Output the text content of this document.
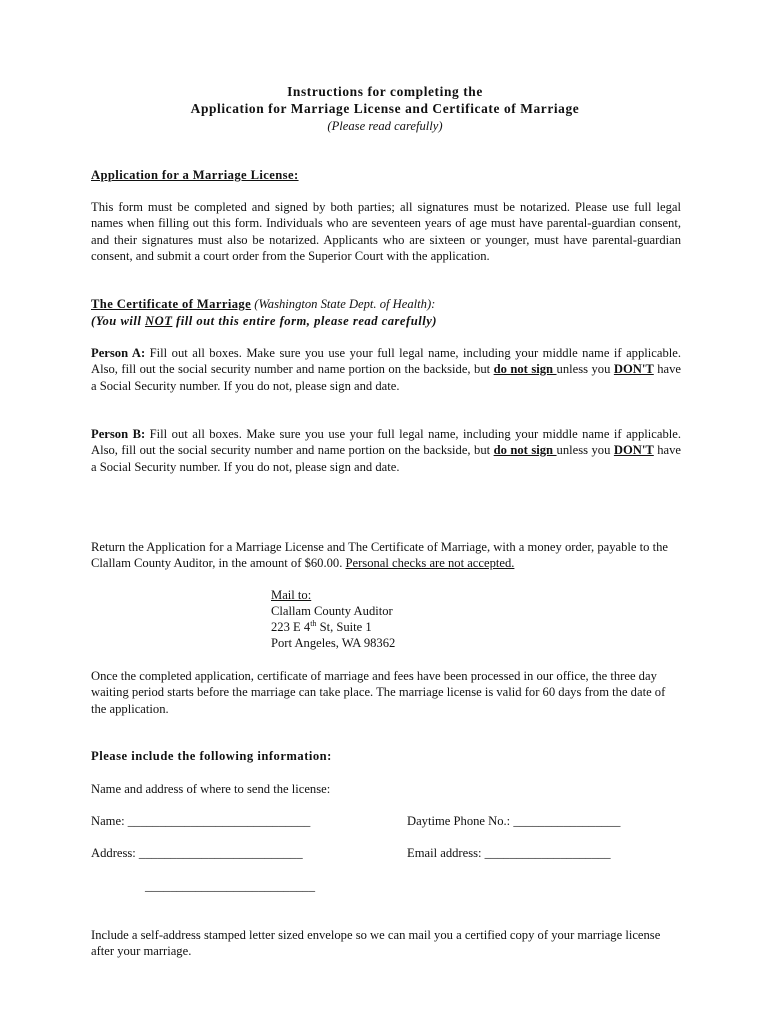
Instructions for completing the
Application for Marriage License and Certificate of Marriage
(Please read carefully)
Application for a Marriage License:
This form must be completed and signed by both parties; all signatures must be notarized. Please use full legal names when filling out this form. Individuals who are seventeen years of age must have parental-guardian consent, and their signatures must also be notarized. Applicants who are sixteen or younger, must have parental-guardian consent, and submit a court order from the Superior Court with the application.
The Certificate of Marriage (Washington State Dept. of Health):
(You will NOT fill out this entire form, please read carefully)
Person A: Fill out all boxes. Make sure you use your full legal name, including your middle name if applicable. Also, fill out the social security number and name portion on the backside, but do not sign unless you DON'T have a Social Security number. If you do not, please sign and date.
Person B: Fill out all boxes. Make sure you use your full legal name, including your middle name if applicable. Also, fill out the social security number and name portion on the backside, but do not sign unless you DON'T have a Social Security number. If you do not, please sign and date.
Return the Application for a Marriage License and The Certificate of Marriage, with a money order, payable to the Clallam County Auditor, in the amount of $60.00. Personal checks are not accepted.
Mail to:
Clallam County Auditor
223 E 4th St, Suite 1
Port Angeles, WA 98362
Once the completed application, certificate of marriage and fees have been processed in our office, the three day waiting period starts before the marriage can take place. The marriage license is valid for 60 days from the date of the application.
Please include the following information:
Name and address of where to send the license:
Name: _____________________________	Daytime Phone No.: _________________
Address: __________________________	Email address: ____________________
___________________________
Include a self-address stamped letter sized envelope so we can mail you a certified copy of your marriage license after your marriage.
